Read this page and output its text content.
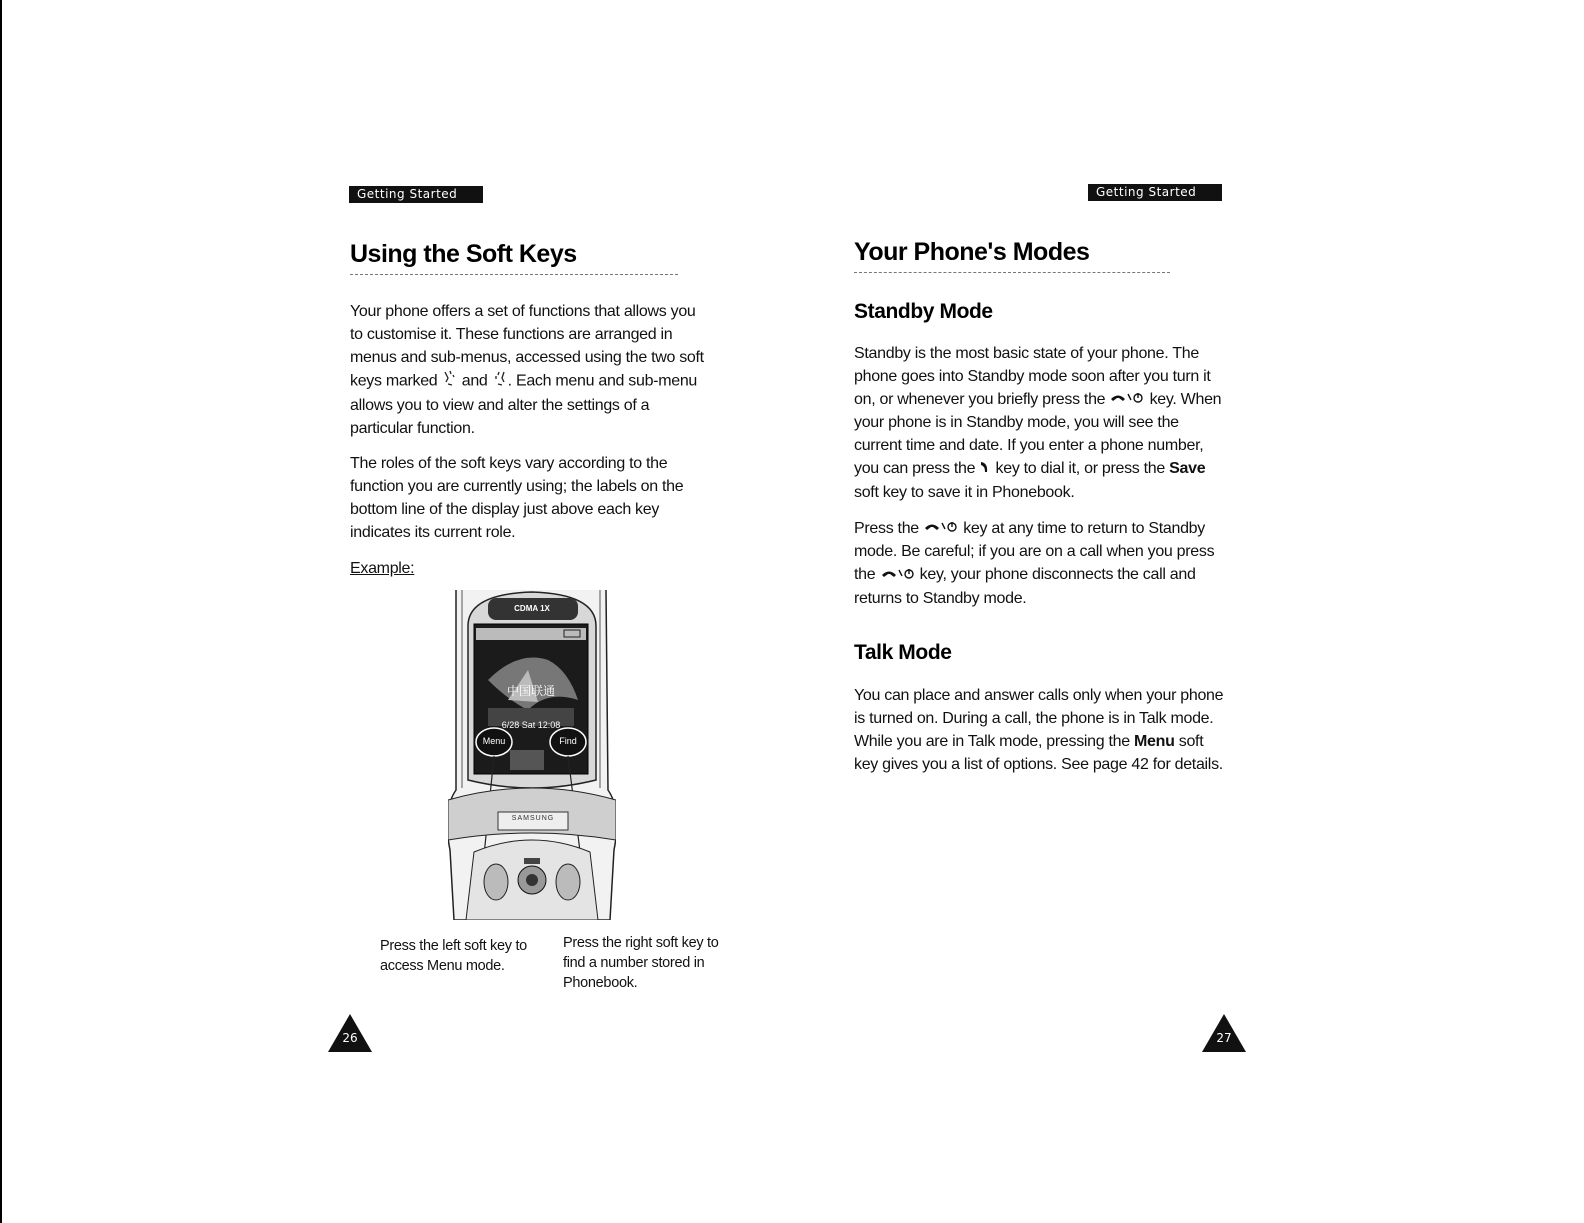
Getting Started
Using the Soft Keys

Your phone offers a set of functions that allows you to customise it. These functions are arranged in menus and sub-menus, accessed using the two soft keys marked and . Each menu and sub-menu allows you to view and alter the settings of a particular function.

The roles of the soft keys vary according to the function you are currently using; the labels on the bottom line of the display just above each key indicates its current role.

Example:
CDMA 1X
中国联通
6/28 Sat 12:08
Menu	Find
SAMSUNG

Press the left soft key to access Menu mode.

Press the right soft key to find a number stored in Phonebook.

26
Getting Started
Your Phone's Modes
Standby Mode

Standby is the most basic state of your phone. The phone goes into Standby mode soon after you turn it on, or whenever you briefly press the	key. When your phone is in Standby mode, you will see the current time and date. If you enter a phone number, you can press the key to dial it, or press the Save soft key to save it in Phonebook.

Press the	key at any time to return to Standby mode. Be careful; if you are on a call when you press the	key, your phone disconnects the call and returns to Standby mode.

Talk Mode

You can place and answer calls only when your phone is turned on. During a call, the phone is in Talk mode. While you are in Talk mode, pressing the Menu soft key gives you a list of options. See page 42 for details.

27
